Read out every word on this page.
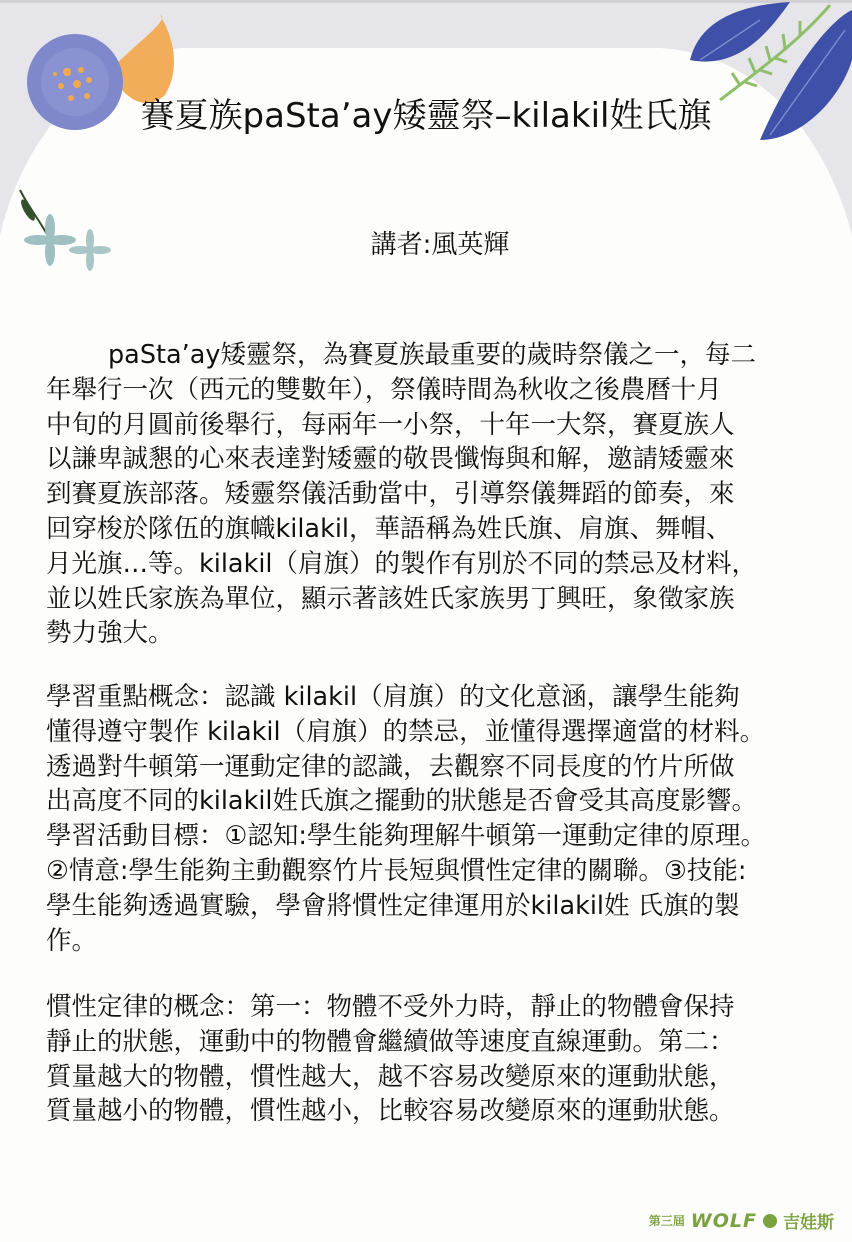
賽夏族paSta’ay矮靈祭–kilakil姓氏旗
講者:風英輝
paSta’ay矮靈祭，為賽夏族最重要的歲時祭儀之一，每二
年舉行一次（西元的雙數年），祭儀時間為秋收之後農曆十月
中旬的月圓前後舉行，每兩年一小祭，十年一大祭，賽夏族人
以謙卑誠懇的心來表達對矮靈的敬畏懺悔與和解，邀請矮靈來
到賽夏族部落。矮靈祭儀活動當中，引導祭儀舞蹈的節奏，來
回穿梭於隊伍的旗幟kilakil，華語稱為姓氏旗、肩旗、舞帽、
月光旗…等。kilakil（肩旗）的製作有別於不同的禁忌及材料，
並以姓氏家族為單位，顯示著該姓氏家族男丁興旺，象徵家族
勢力強大。
學習重點概念：認識 kilakil（肩旗）的文化意涵，讓學生能夠
懂得遵守製作 kilakil（肩旗）的禁忌，並懂得選擇適當的材料。
透過對牛頓第一運動定律的認識，去觀察不同長度的竹片所做
出高度不同的kilakil姓氏旗之擺動的狀態是否會受其高度影響。
學習活動目標：①認知:學生能夠理解牛頓第一運動定律的原理。
②情意:學生能夠主動觀察竹片長短與慣性定律的關聯。③技能:
學生能夠透過實驗，學會將慣性定律運用於kilakil姓 氏旗的製
作。
慣性定律的概念：第一：物體不受外力時，靜止的物體會保持
靜止的狀態，運動中的物體會繼續做等速度直線運動。第二：
質量越大的物體，慣性越大，越不容易改變原來的運動狀態，
質量越小的物體，慣性越小，比較容易改變原來的運動狀態。
第三屆 WOLF 吉娃斯
